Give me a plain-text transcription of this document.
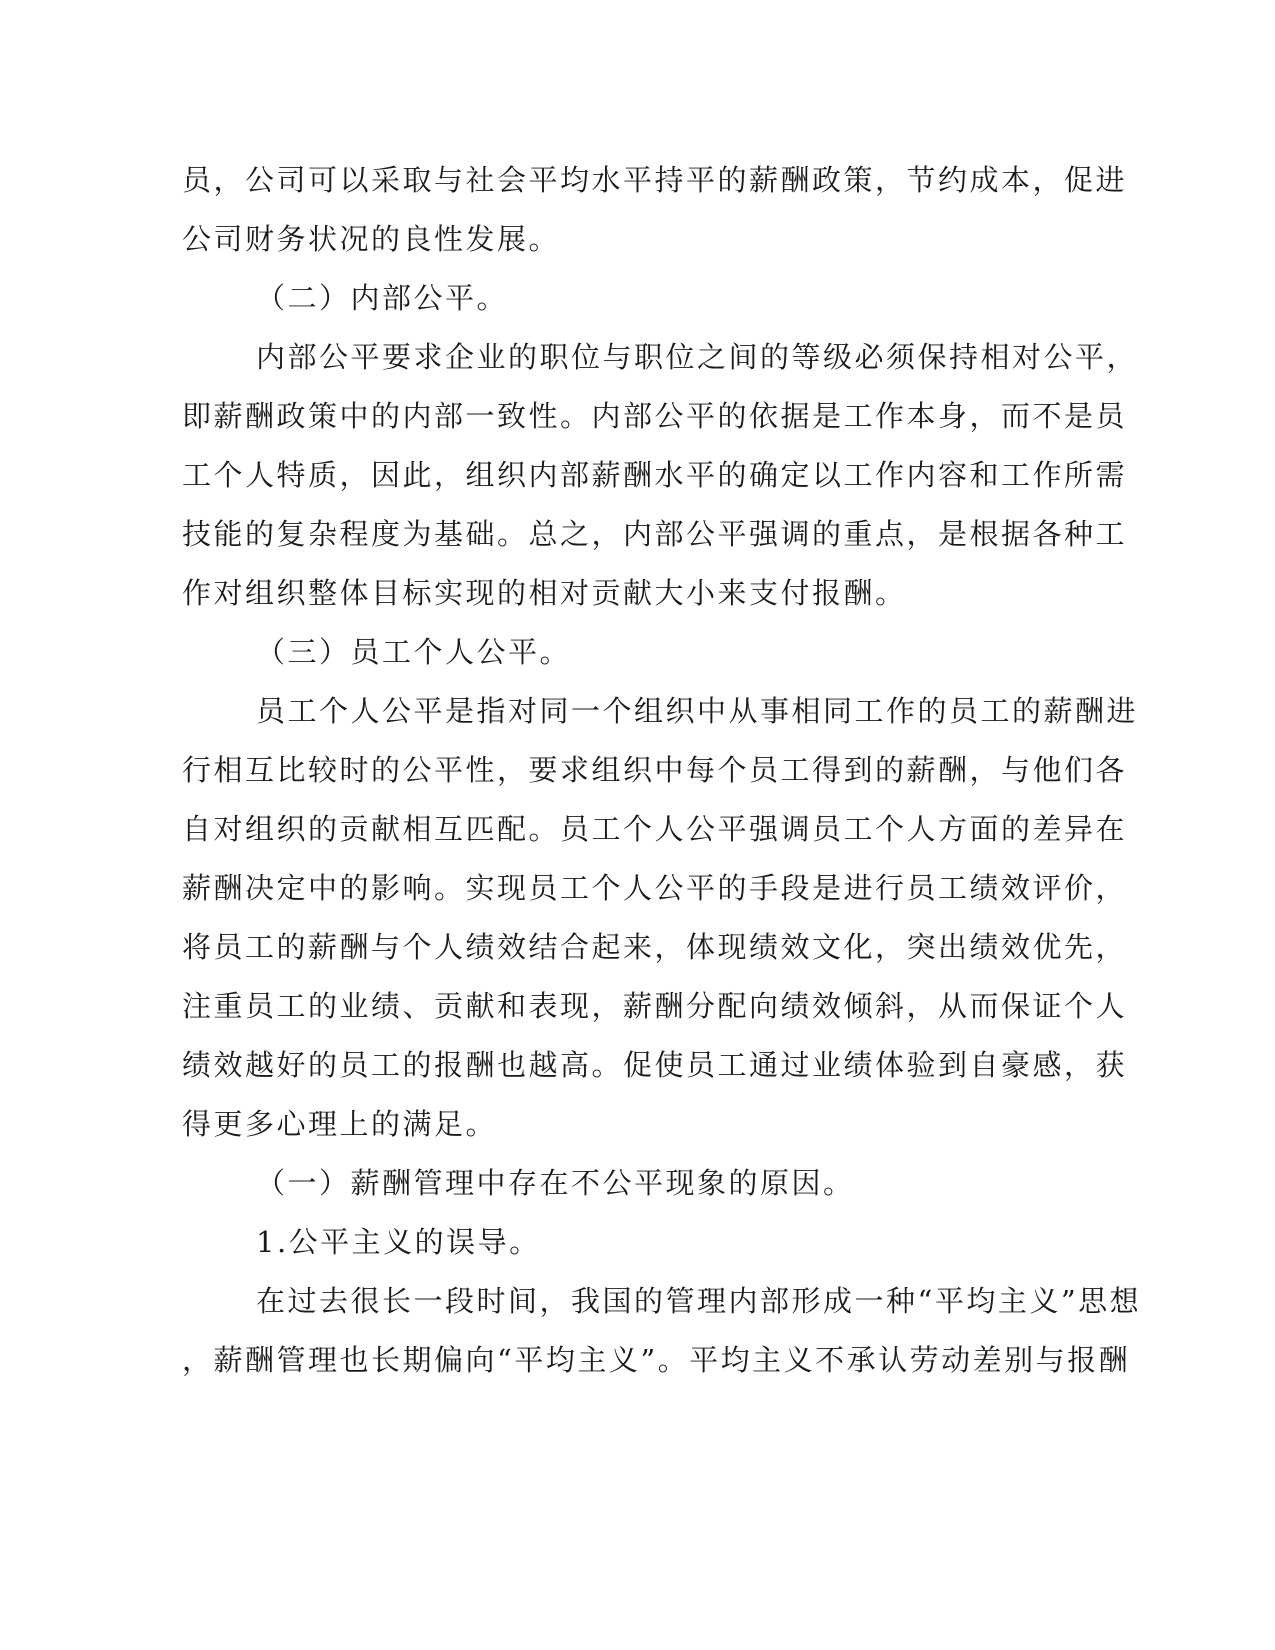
员，公司可以采取与社会平均水平持平的薪酬政策，节约成本，促进
公司财务状况的良性发展。
（二）内部公平。
内部公平要求企业的职位与职位之间的等级必须保持相对公平，
即薪酬政策中的内部一致性。内部公平的依据是工作本身，而不是员
工个人特质，因此，组织内部薪酬水平的确定以工作内容和工作所需
技能的复杂程度为基础。总之，内部公平强调的重点，是根据各种工
作对组织整体目标实现的相对贡献大小来支付报酬。
（三）员工个人公平。
员工个人公平是指对同一个组织中从事相同工作的员工的薪酬进
行相互比较时的公平性，要求组织中每个员工得到的薪酬，与他们各
自对组织的贡献相互匹配。员工个人公平强调员工个人方面的差异在
薪酬决定中的影响。实现员工个人公平的手段是进行员工绩效评价，
将员工的薪酬与个人绩效结合起来，体现绩效文化，突出绩效优先，
注重员工的业绩、贡献和表现，薪酬分配向绩效倾斜，从而保证个人
绩效越好的员工的报酬也越高。促使员工通过业绩体验到自豪感，获
得更多心理上的满足。
（一）薪酬管理中存在不公平现象的原因。
1.公平主义的误导。
在过去很长一段时间，我国的管理内部形成一种“平均主义”思想
，薪酬管理也长期偏向“平均主义”。平均主义不承认劳动差别与报酬
